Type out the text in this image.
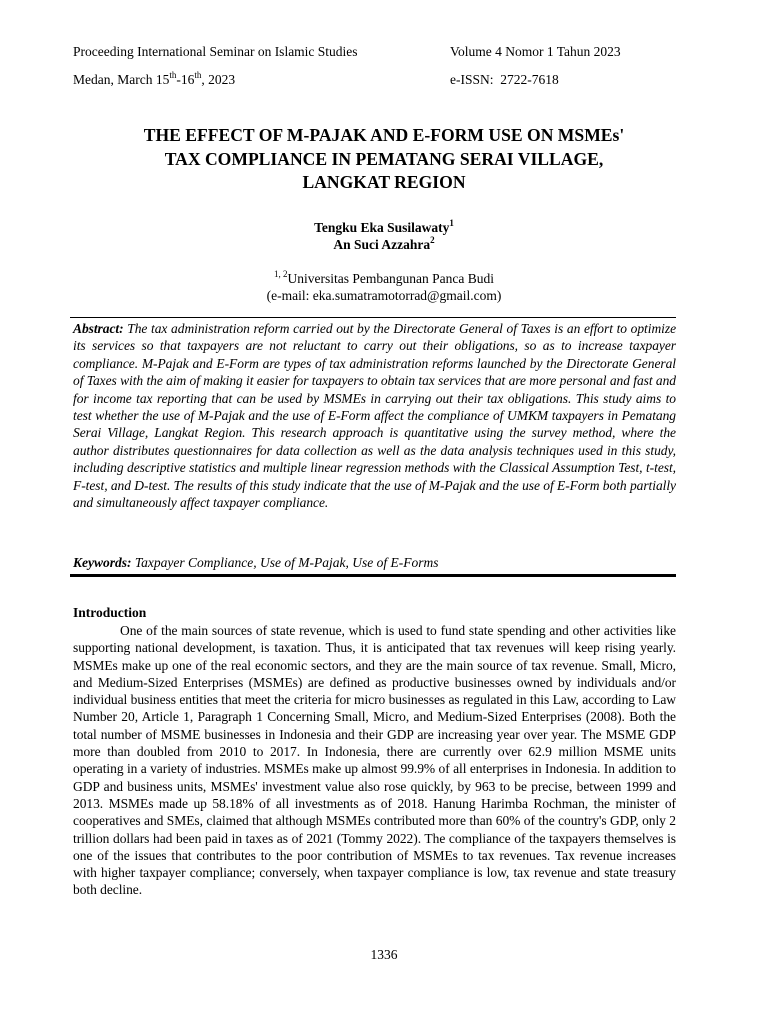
Proceeding International Seminar on Islamic Studies	Volume 4 Nomor 1 Tahun 2023
Medan, March 15th-16th, 2023	e-ISSN: 2722-7618
THE EFFECT OF M-PAJAK AND E-FORM USE ON MSMEs'
TAX COMPLIANCE IN PEMATANG SERAI VILLAGE,
LANGKAT REGION
Tengku Eka Susilawaty$^1$
An Suci Azzahra$^2$
$^{1, 2}$Universitas Pembangunan Panca Budi
(e-mail: eka.sumatramotorrad@gmail.com)
Abstract: The tax administration reform carried out by the Directorate General of Taxes is an effort to optimize its services so that taxpayers are not reluctant to carry out their obligations, so as to increase taxpayer compliance. M-Pajak and E-Form are types of tax administration reforms launched by the Directorate General of Taxes with the aim of making it easier for taxpayers to obtain tax services that are more personal and fast and for income tax reporting that can be used by MSMEs in carrying out their tax obligations. This study aims to test whether the use of M-Pajak and the use of E-Form affect the compliance of UMKM taxpayers in Pematang Serai Village, Langkat Region. This research approach is quantitative using the survey method, where the author distributes questionnaires for data collection as well as the data analysis techniques used in this study, including descriptive statistics and multiple linear regression methods with the Classical Assumption Test, t-test, F-test, and D-test. The results of this study indicate that the use of M-Pajak and the use of E-Form both partially and simultaneously affect taxpayer compliance.
Keywords: Taxpayer Compliance, Use of M-Pajak, Use of E-Forms
Introduction
One of the main sources of state revenue, which is used to fund state spending and other activities like supporting national development, is taxation. Thus, it is anticipated that tax revenues will keep rising yearly. MSMEs make up one of the real economic sectors, and they are the main source of tax revenue. Small, Micro, and Medium-Sized Enterprises (MSMEs) are defined as productive businesses owned by individuals and/or individual business entities that meet the criteria for micro businesses as regulated in this Law, according to Law Number 20, Article 1, Paragraph 1 Concerning Small, Micro, and Medium-Sized Enterprises (2008). Both the total number of MSME businesses in Indonesia and their GDP are increasing year over year. The MSME GDP more than doubled from 2010 to 2017. In Indonesia, there are currently over 62.9 million MSME units operating in a variety of industries. MSMEs make up almost 99.9% of all enterprises in Indonesia. In addition to GDP and business units, MSMEs' investment value also rose quickly, by 963 to be precise, between 1999 and 2013. MSMEs made up 58.18% of all investments as of 2018. Hanung Harimba Rochman, the minister of cooperatives and SMEs, claimed that although MSMEs contributed more than 60% of the country's GDP, only 2 trillion dollars had been paid in taxes as of 2021 (Tommy 2022). The compliance of the taxpayers themselves is one of the issues that contributes to the poor contribution of MSMEs to tax revenues. Tax revenue increases with higher taxpayer compliance; conversely, when taxpayer compliance is low, tax revenue and state treasury both decline.
1336
